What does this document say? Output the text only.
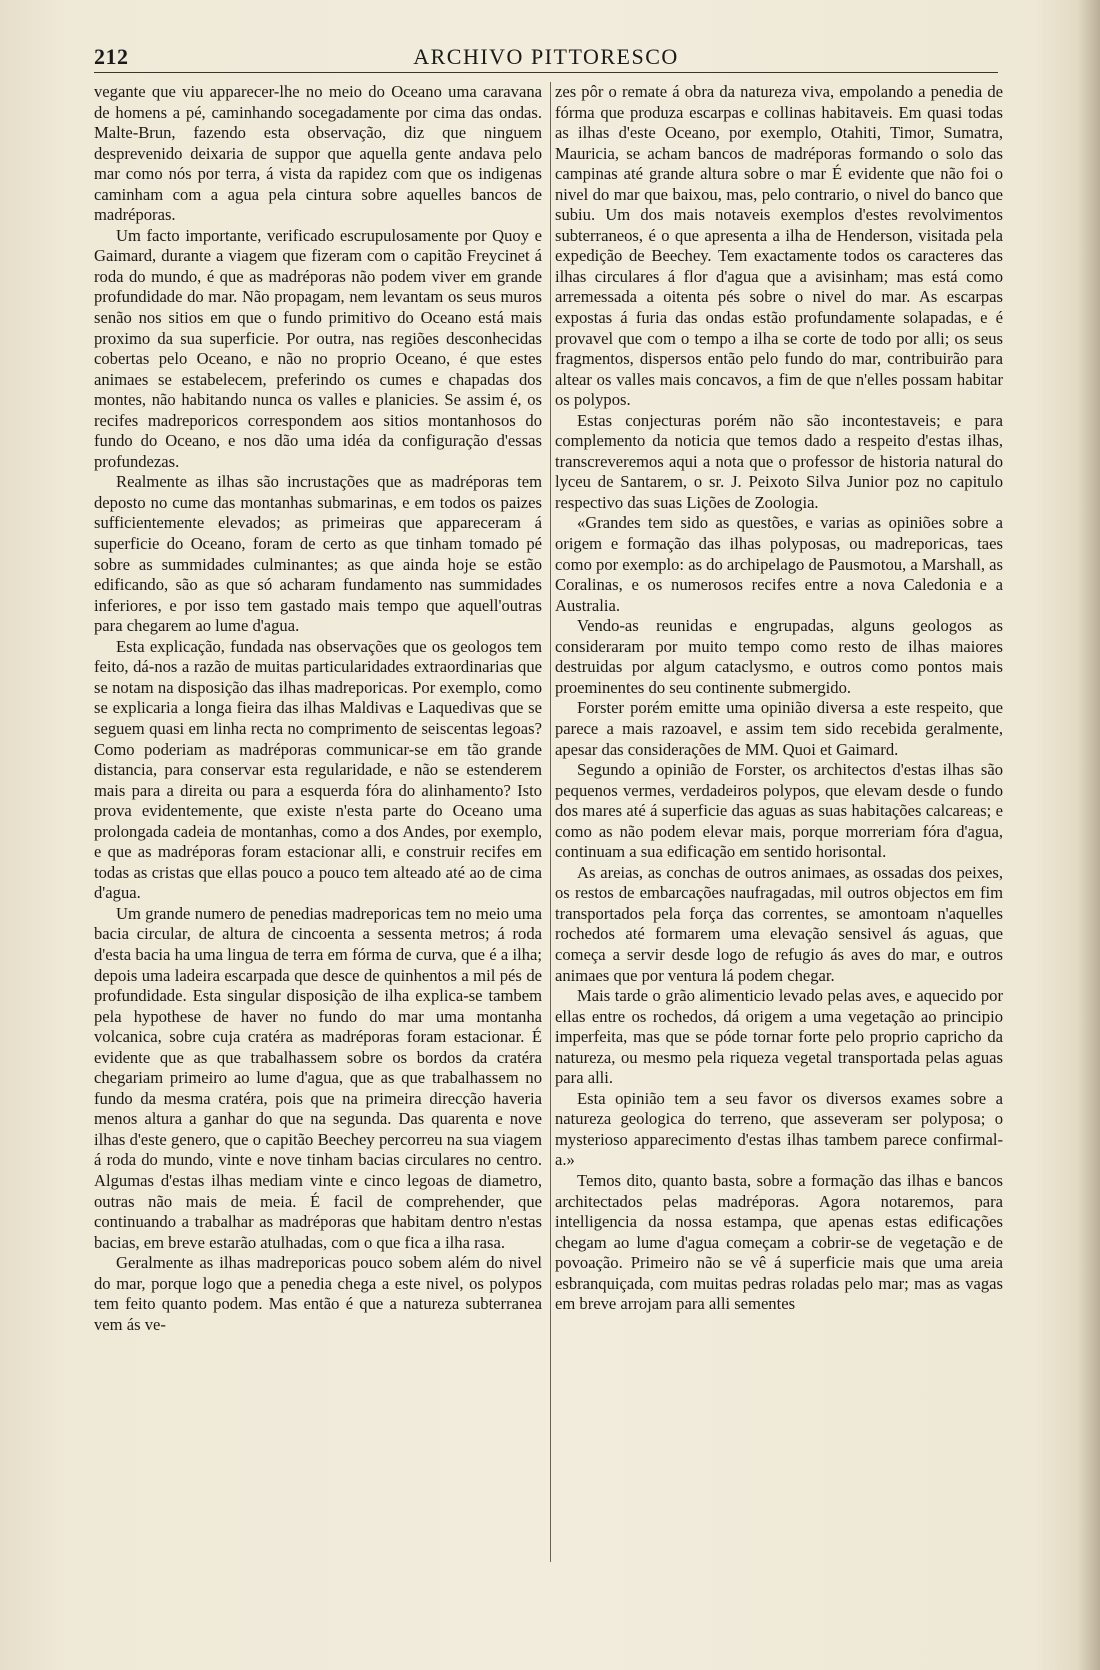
212	ARCHIVO PITTORESCO

vegante que viu apparecer-lhe no meio do Oceano uma caravana de homens a pé, caminhando socegadamente por cima das ondas. Malte-Brun, fazendo esta observação, diz que ninguem desprevenido deixaria de suppor que aquella gente andava pelo mar como nós por terra, á vista da rapidez com que os indigenas caminham com a agua pela cintura sobre aquelles bancos de madréporas.

Um facto importante, verificado escrupulosamente por Quoy e Gaimard, durante a viagem que fizeram com o capitão Freycinet á roda do mundo, é que as madréporas não podem viver em grande profundidade do mar. Não propagam, nem levantam os seus muros senão nos sitios em que o fundo primitivo do Oceano está mais proximo da sua superficie. Por outra, nas regiões desconhecidas cobertas pelo Oceano, e não no proprio Oceano, é que estes animaes se estabelecem, preferindo os cumes e chapadas dos montes, não habitando nunca os valles e planicies. Se assim é, os recifes madreporicos correspondem aos sitios montanhosos do fundo do Oceano, e nos dão uma idéa da configuração d'essas profundezas.

Realmente as ilhas são incrustações que as madréporas tem deposto no cume das montanhas submarinas, e em todos os paizes sufficientemente elevados; as primeiras que appareceram á superficie do Oceano, foram de certo as que tinham tomado pé sobre as summidades culminantes; as que ainda hoje se estão edificando, são as que só acharam fundamento nas summidades inferiores, e por isso tem gastado mais tempo que aquell'outras para chegarem ao lume d'agua.

Esta explicação, fundada nas observações que os geologos tem feito, dá-nos a razão de muitas particularidades extraordinarias que se notam na disposição das ilhas madreporicas. Por exemplo, como se explicaria a longa fieira das ilhas Maldivas e Laquedivas que se seguem quasi em linha recta no comprimento de seiscentas legoas? Como poderiam as madréporas communicar-se em tão grande distancia, para conservar esta regularidade, e não se estenderem mais para a direita ou para a esquerda fóra do alinhamento? Isto prova evidentemente, que existe n'esta parte do Oceano uma prolongada cadeia de montanhas, como a dos Andes, por exemplo, e que as madréporas foram estacionar alli, e construir recifes em todas as cristas que ellas pouco a pouco tem alteado até ao de cima d'agua.

Um grande numero de penedias madreporicas tem no meio uma bacia circular, de altura de cincoenta a sessenta metros; á roda d'esta bacia ha uma lingua de terra em fórma de curva, que é a ilha; depois uma ladeira escarpada que desce de quinhentos a mil pés de profundidade. Esta singular disposição de ilha explica-se tambem pela hypothese de haver no fundo do mar uma montanha volcanica, sobre cuja cratéra as madréporas foram estacionar. É evidente que as que trabalhassem sobre os bordos da cratéra chegariam primeiro ao lume d'agua, que as que trabalhassem no fundo da mesma cratéra, pois que na primeira direcção haveria menos altura a ganhar do que na segunda. Das quarenta e nove ilhas d'este genero, que o capitão Beechey percorreu na sua viagem á roda do mundo, vinte e nove tinham bacias circulares no centro. Algumas d'estas ilhas mediam vinte e cinco legoas de diametro, outras não mais de meia. É facil de comprehender, que continuando a trabalhar as madréporas que habitam dentro n'estas bacias, em breve estarão atulhadas, com o que fica a ilha rasa.

Geralmente as ilhas madreporicas pouco sobem além do nivel do mar, porque logo que a penedia chega a este nivel, os polypos tem feito quanto podem. Mas então é que a natureza subterranea vem ás ve-

zes pôr o remate á obra da natureza viva, empolando a penedia de fórma que produza escarpas e collinas habitaveis. Em quasi todas as ilhas d'este Oceano, por exemplo, Otahiti, Timor, Sumatra, Mauricia, se acham bancos de madréporas formando o solo das campinas até grande altura sobre o mar É evidente que não foi o nivel do mar que baixou, mas, pelo contrario, o nivel do banco que subiu. Um dos mais notaveis exemplos d'estes revolvimentos subterraneos, é o que apresenta a ilha de Henderson, visitada pela expedição de Beechey. Tem exactamente todos os caracteres das ilhas circulares á flor d'agua que a avisinham; mas está como arremessada a oitenta pés sobre o nivel do mar. As escarpas expostas á furia das ondas estão profundamente solapadas, e é provavel que com o tempo a ilha se corte de todo por alli; os seus fragmentos, dispersos então pelo fundo do mar, contribuirão para altear os valles mais concavos, a fim de que n'elles possam habitar os polypos.

Estas conjecturas porém não são incontestaveis; e para complemento da noticia que temos dado a respeito d'estas ilhas, transcreveremos aqui a nota que o professor de historia natural do lyceu de Santarem, o sr. J. Peixoto Silva Junior poz no capitulo respectivo das suas Lições de Zoologia.

«Grandes tem sido as questões, e varias as opiniões sobre a origem e formação das ilhas polyposas, ou madreporicas, taes como por exemplo: as do archipelago de Pausmotou, a Marshall, as Coralinas, e os numerosos recifes entre a nova Caledonia e a Australia.

Vendo-as reunidas e engrupadas, alguns geologos as consideraram por muito tempo como resto de ilhas maiores destruidas por algum cataclysmo, e outros como pontos mais proeminentes do seu continente submergido.

Forster porém emitte uma opinião diversa a este respeito, que parece a mais razoavel, e assim tem sido recebida geralmente, apesar das considerações de MM. Quoi et Gaimard.

Segundo a opinião de Forster, os architectos d'estas ilhas são pequenos vermes, verdadeiros polypos, que elevam desde o fundo dos mares até á superficie das aguas as suas habitações calcareas; e como as não podem elevar mais, porque morreriam fóra d'agua, continuam a sua edificação em sentido horisontal.

As areias, as conchas de outros animaes, as ossadas dos peixes, os restos de embarcações naufragadas, mil outros objectos em fim transportados pela força das correntes, se amontoam n'aquelles rochedos até formarem uma elevação sensivel ás aguas, que começa a servir desde logo de refugio ás aves do mar, e outros animaes que por ventura lá podem chegar.

Mais tarde o grão alimenticio levado pelas aves, e aquecido por ellas entre os rochedos, dá origem a uma vegetação ao principio imperfeita, mas que se póde tornar forte pelo proprio capricho da natureza, ou mesmo pela riqueza vegetal transportada pelas aguas para alli.

Esta opinião tem a seu favor os diversos exames sobre a natureza geologica do terreno, que asseveram ser polyposa; o mysterioso apparecimento d'estas ilhas tambem parece confirmal-a.»

Temos dito, quanto basta, sobre a formação das ilhas e bancos architectados pelas madréporas. Agora notaremos, para intelligencia da nossa estampa, que apenas estas edificações chegam ao lume d'agua começam a cobrir-se de vegetação e de povoação. Primeiro não se vê á superficie mais que uma areia esbranquiçada, com muitas pedras roladas pelo mar; mas as vagas em breve arrojam para alli sementes
